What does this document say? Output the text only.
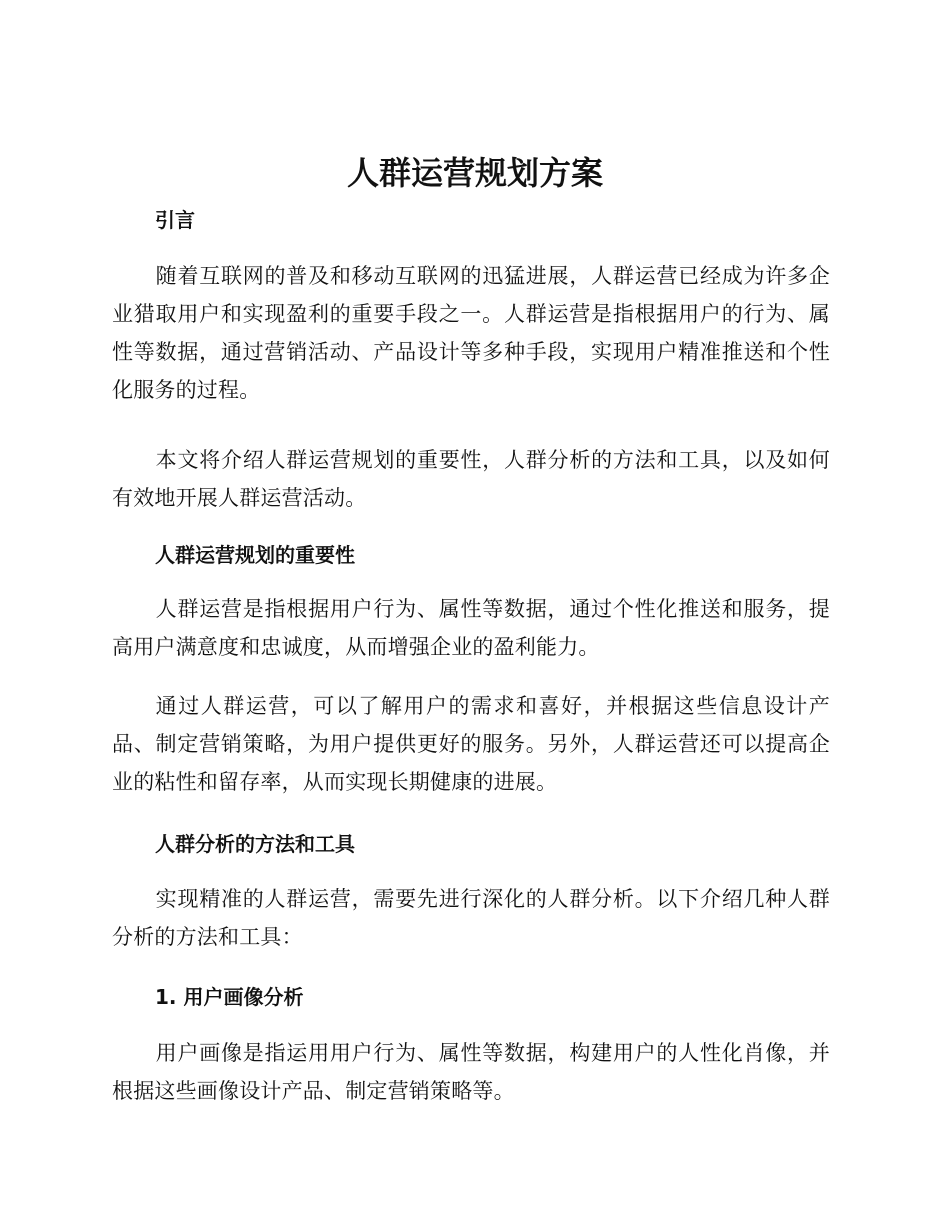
人群运营规划方案
引言

随着互联网的普及和移动互联网的迅猛进展，人群运营已经成为许多企业猎取用户和实现盈利的重要手段之一。人群运营是指根据用户的行为、属性等数据，通过营销活动、产品设计等多种手段，实现用户精准推送和个性化服务的过程。

本文将介绍人群运营规划的重要性，人群分析的方法和工具，以及如何有效地开展人群运营活动。

人群运营规划的重要性

人群运营是指根据用户行为、属性等数据，通过个性化推送和服务，提高用户满意度和忠诚度，从而增强企业的盈利能力。

通过人群运营，可以了解用户的需求和喜好，并根据这些信息设计产品、制定营销策略，为用户提供更好的服务。另外，人群运营还可以提高企业的粘性和留存率，从而实现长期健康的进展。

人群分析的方法和工具

实现精准的人群运营，需要先进行深化的人群分析。以下介绍几种人群分析的方法和工具：

1. 用户画像分析

用户画像是指运用用户行为、属性等数据，构建用户的人性化肖像，并根据这些画像设计产品、制定营销策略等。
